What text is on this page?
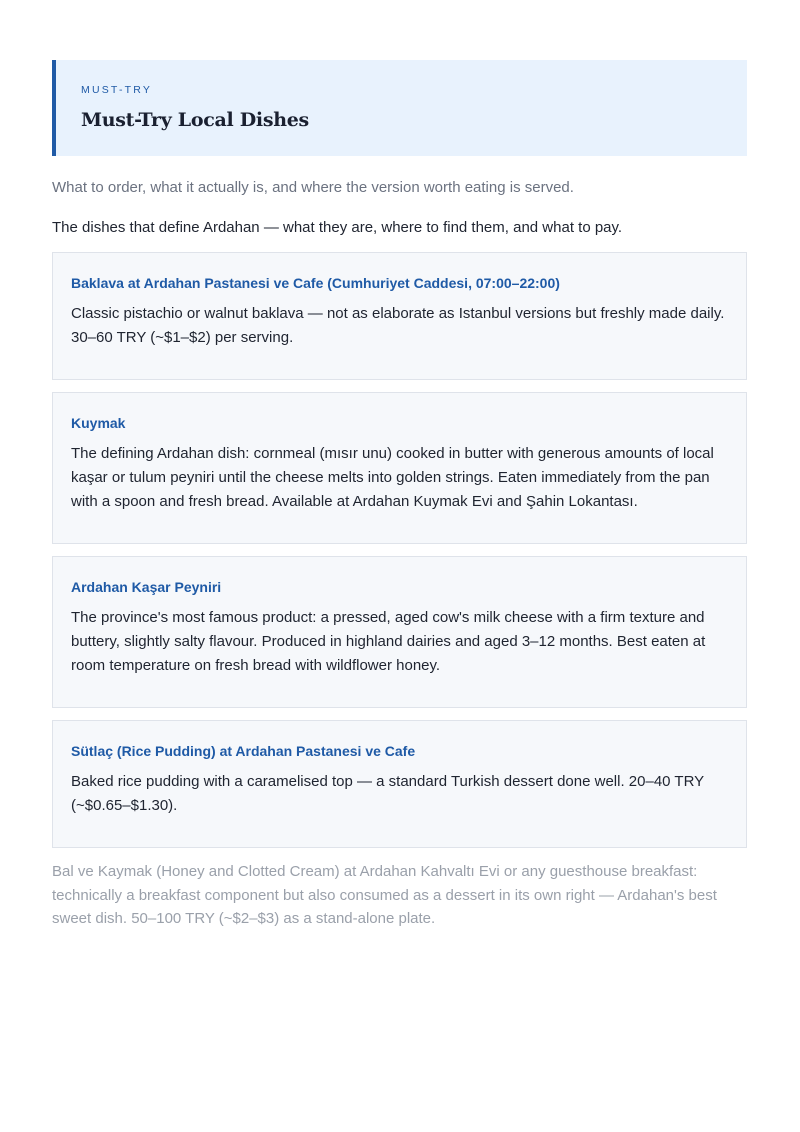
MUST-TRY
Must-Try Local Dishes
What to order, what it actually is, and where the version worth eating is served.
The dishes that define Ardahan — what they are, where to find them, and what to pay.
Baklava at Ardahan Pastanesi ve Cafe (Cumhuriyet Caddesi, 07:00–22:00)
Classic pistachio or walnut baklava — not as elaborate as Istanbul versions but freshly made daily. 30–60 TRY (~$1–$2) per serving.
Kuymak
The defining Ardahan dish: cornmeal (mısır unu) cooked in butter with generous amounts of local kaşar or tulum peyniri until the cheese melts into golden strings. Eaten immediately from the pan with a spoon and fresh bread. Available at Ardahan Kuymak Evi and Şahin Lokantası.
Ardahan Kaşar Peyniri
The province's most famous product: a pressed, aged cow's milk cheese with a firm texture and buttery, slightly salty flavour. Produced in highland dairies and aged 3–12 months. Best eaten at room temperature on fresh bread with wildflower honey.
Sütlaç (Rice Pudding) at Ardahan Pastanesi ve Cafe
Baked rice pudding with a caramelised top — a standard Turkish dessert done well. 20–40 TRY (~$0.65–$1.30).
Bal ve Kaymak (Honey and Clotted Cream) at Ardahan Kahvaltı Evi or any guesthouse breakfast: technically a breakfast component but also consumed as a dessert in its own right — Ardahan's best sweet dish. 50–100 TRY (~$2–$3) as a stand-alone plate.
